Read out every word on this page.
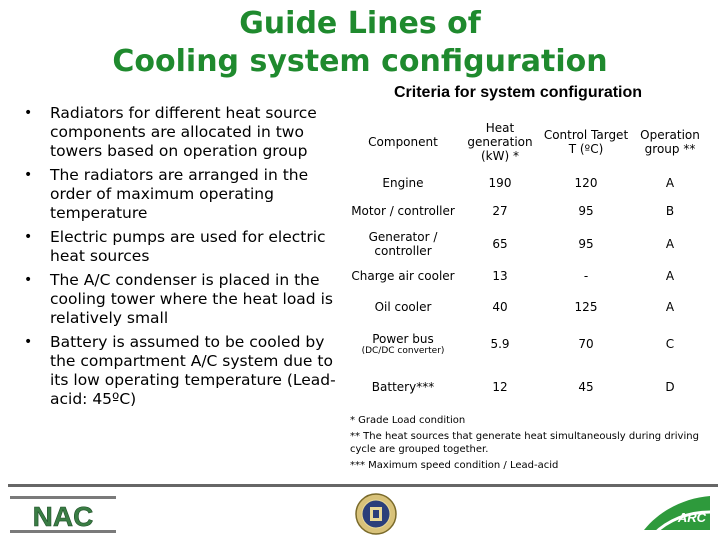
Guide Lines of
Cooling system configuration
• Radiators for different heat source components are allocated in two towers based on operation group
• The radiators are arranged in the order of maximum operating temperature
• Electric pumps are used for electric heat sources
• The A/C condenser is placed in the cooling tower where the heat load is relatively small
• Battery is assumed to be cooled by the compartment A/C system due to its low operating temperature (Lead-acid: 45ºC)
Criteria for system configuration
Component	Heat generation (kW) *	Control Target T (ºC)	Operation group **
Engine	190	120	A
Motor / controller	27	95	B
Generator / controller	65	95	A
Charge air cooler	13	-	A
Oil cooler	40	125	A

Power bus
(DC/DC converter)	5.9	70	C
Battery***	12	45	D
* Grade Load condition
** The heat sources that generate heat simultaneously during driving cycle are grouped together.
*** Maximum speed condition / Lead-acid
NAC	ARC
